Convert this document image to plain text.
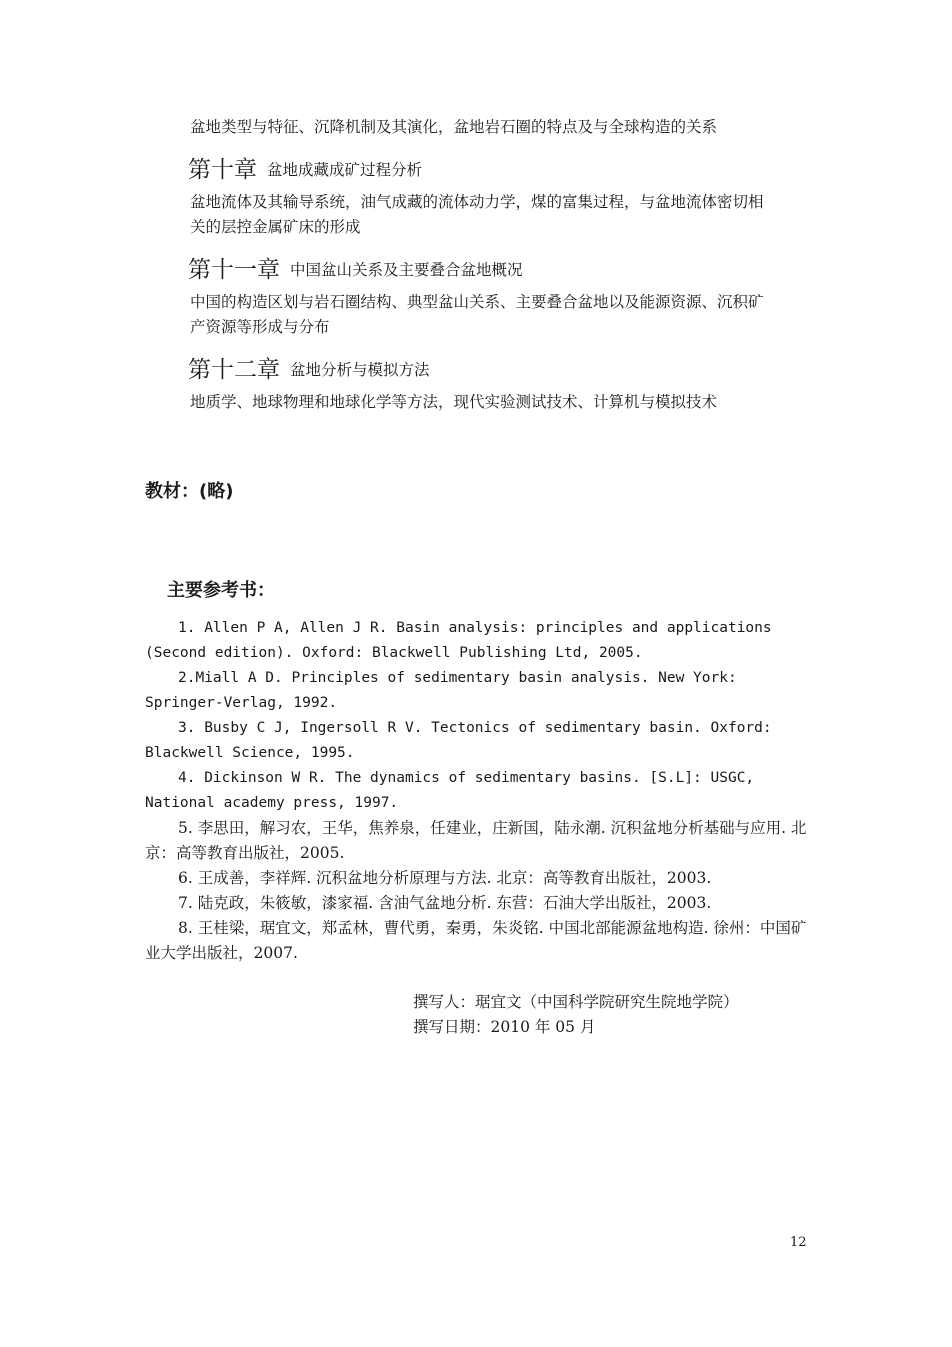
盆地类型与特征、沉降机制及其演化，盆地岩石圈的特点及与全球构造的关系

第十章 盆地成藏成矿过程分析

盆地流体及其输导系统，油气成藏的流体动力学，煤的富集过程，与盆地流体密切相

关的层控金属矿床的形成

第十一章 中国盆山关系及主要叠合盆地概况

中国的构造区划与岩石圈结构、典型盆山关系、主要叠合盆地以及能源资源、沉积矿

产资源等形成与分布

第十二章 盆地分析与模拟方法

地质学、地球物理和地球化学等方法，现代实验测试技术、计算机与模拟技术

教材：(略)
主要参考书：
1. Allen P A, Allen J R. Basin analysis: principles and applications (Second edition). Oxford: Blackwell Publishing Ltd, 2005.
2.Miall A D. Principles of sedimentary basin analysis. New York: Springer-Verlag, 1992.
3. Busby C J, Ingersoll R V. Tectonics of sedimentary basin. Oxford: Blackwell Science, 1995.
4. Dickinson W R. The dynamics of sedimentary basins. [S.L]: USGC, National academy press, 1997.
5. 李思田，解习农，王华，焦养泉，任建业，庄新国，陆永潮. 沉积盆地分析基础与应用. 北京：高等教育出版社，2005.
6. 王成善，李祥辉. 沉积盆地分析原理与方法. 北京：高等教育出版社，2003.
7. 陆克政，朱筱敏，漆家福. 含油气盆地分析. 东营：石油大学出版社，2003.
8. 王桂梁，琚宜文，郑孟林，曹代勇，秦勇，朱炎铭. 中国北部能源盆地构造. 徐州：中国矿业大学出版社，2007.

撰写人：琚宜文（中国科学院研究生院地学院）

撰写日期：2010 年 05 月

12
